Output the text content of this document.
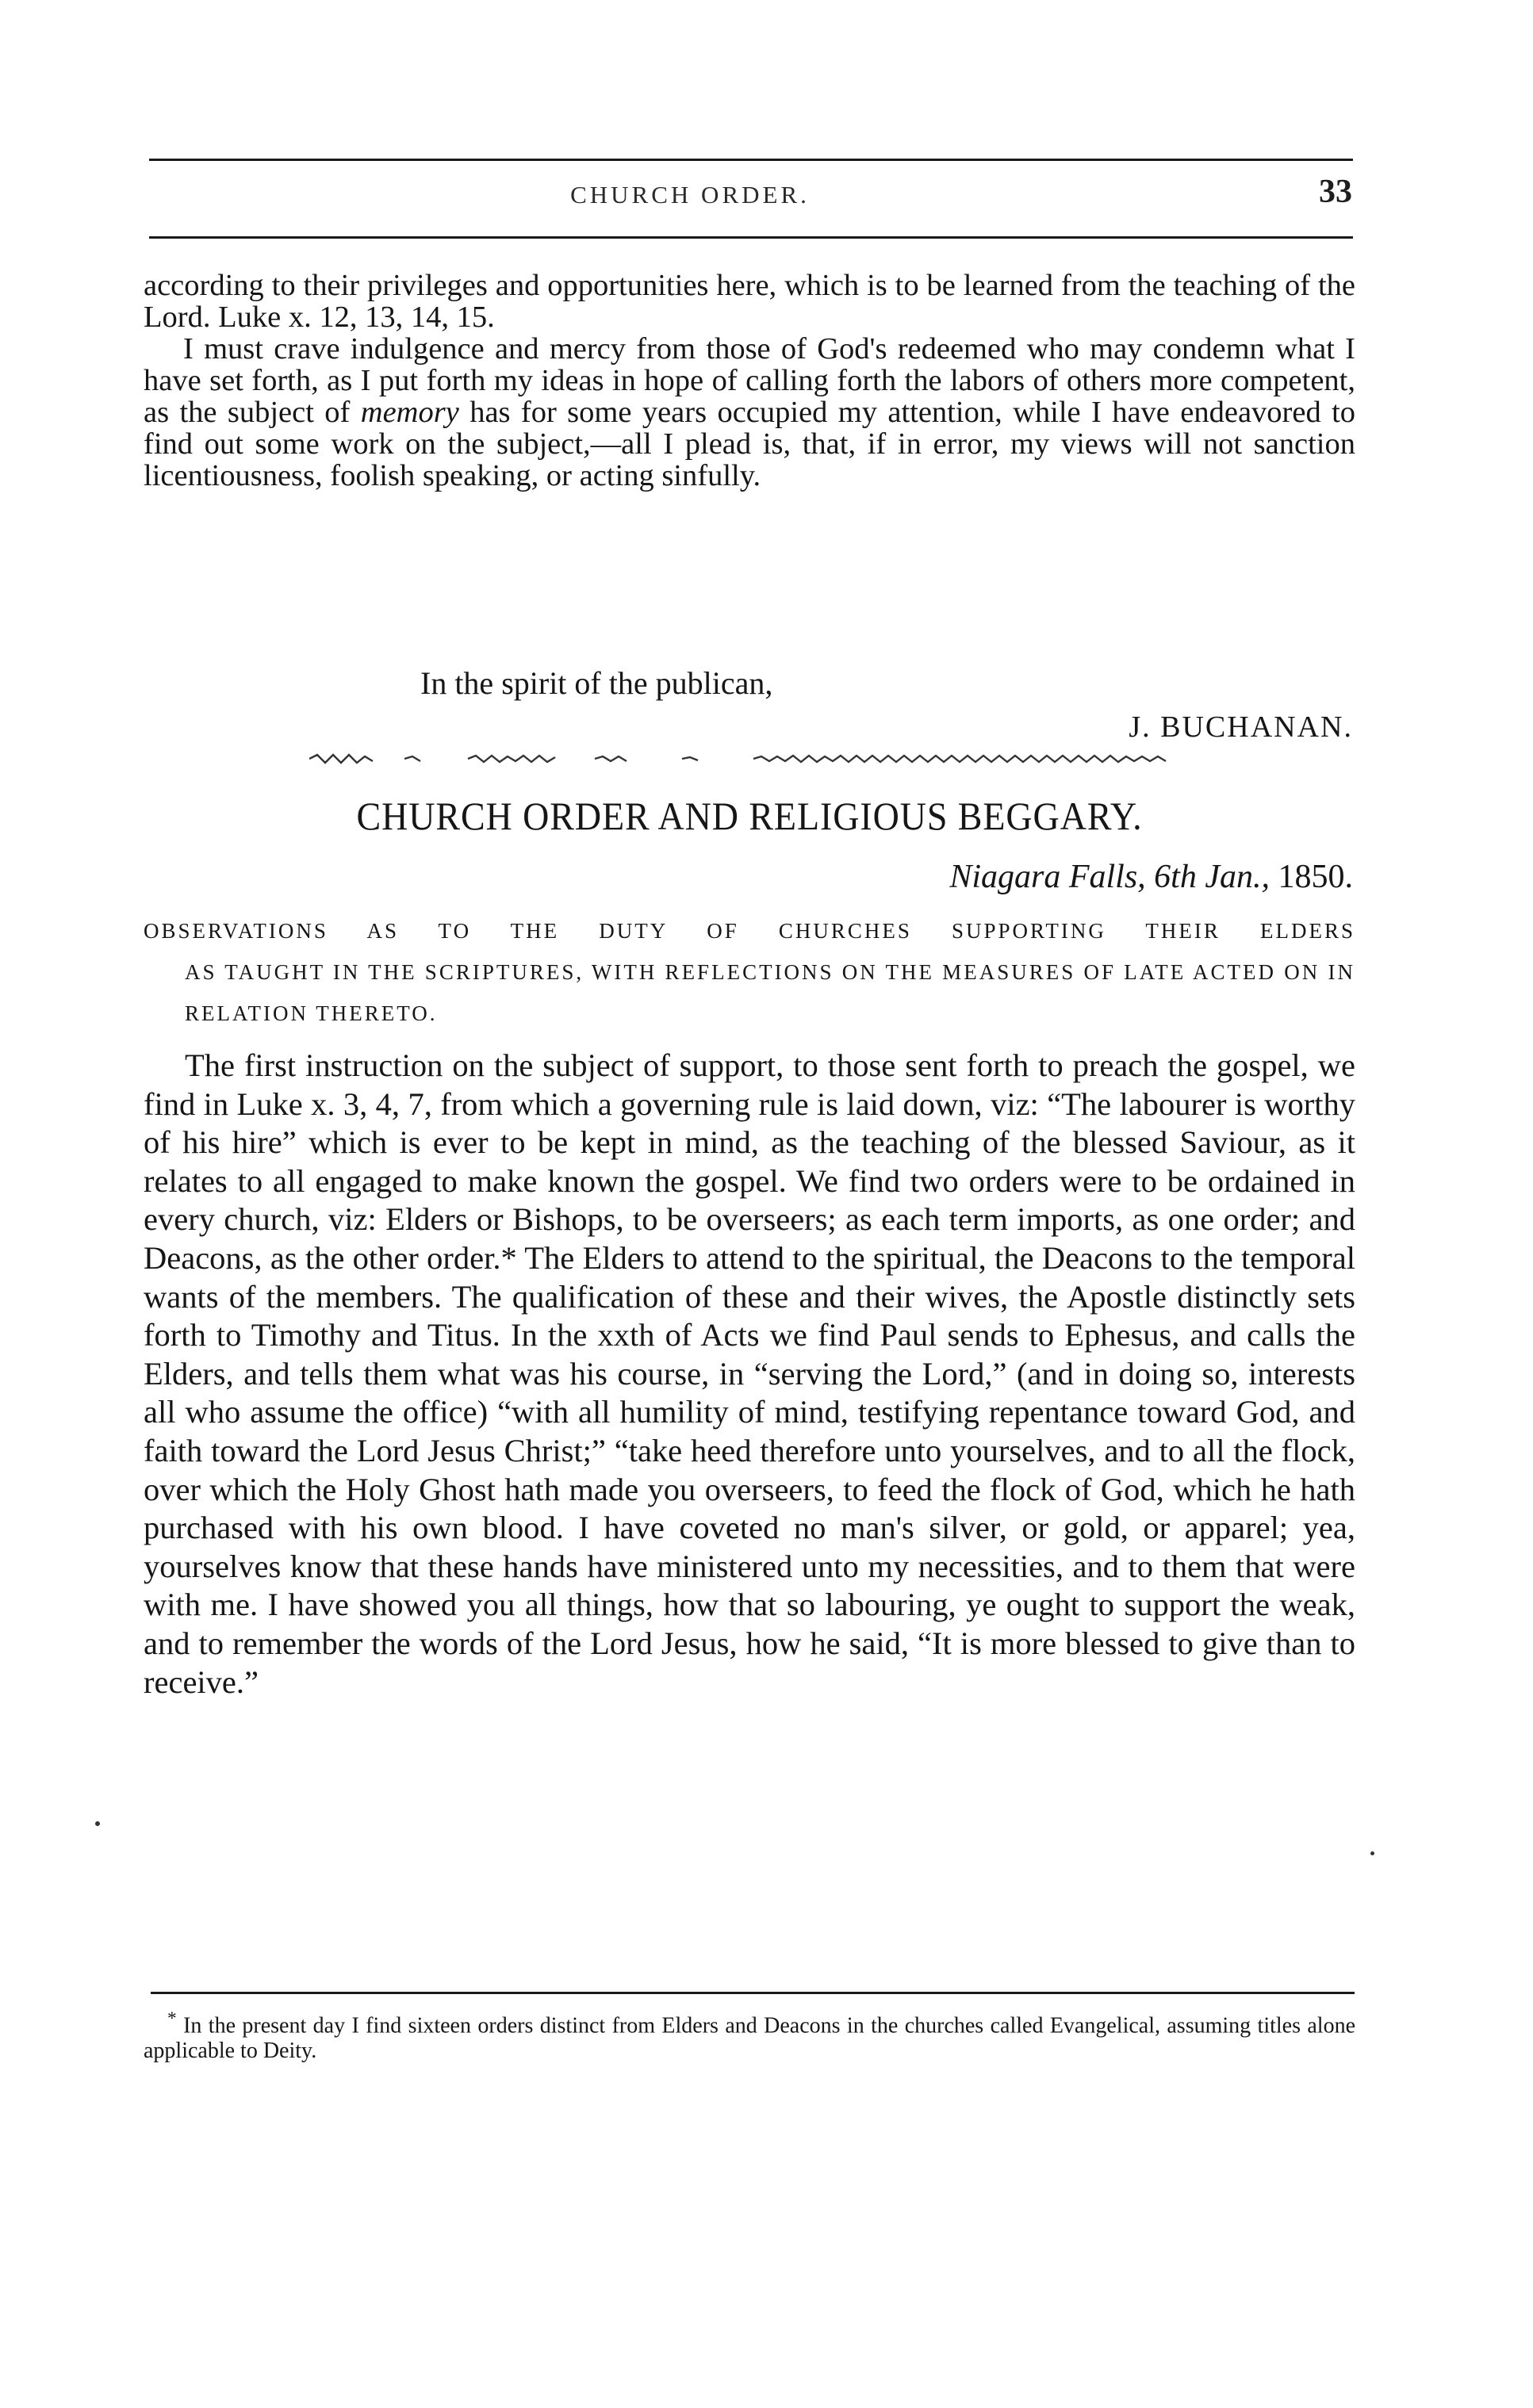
CHURCH ORDER.	33

according to their privileges and opportunities here, which is to be learned from the teaching of the Lord. Luke x. 12, 13, 14, 15.

I must crave indulgence and mercy from those of God's redeemed who may condemn what I have set forth, as I put forth my ideas in hope of calling forth the labors of others more competent, as the subject of memory has for some years occupied my attention, while I have endeavored to find out some work on the subject,—all I plead is, that, if in error, my views will not sanction licentiousness, foolish speaking, or acting sinfully.

In the spirit of the publican,
J. BUCHANAN.
CHURCH ORDER AND RELIGIOUS BEGGARY.
Niagara Falls, 6th Jan., 1850.
OBSERVATIONS AS TO THE DUTY OF CHURCHES SUPPORTING THEIR ELDERS
AS TAUGHT IN THE SCRIPTURES, WITH REFLECTIONS ON THE MEASURES OF LATE ACTED ON IN RELATION THERETO.

The first instruction on the subject of support, to those sent forth to preach the gospel, we find in Luke x. 3, 4, 7, from which a governing rule is laid down, viz: “The labourer is worthy of his hire” which is ever to be kept in mind, as the teaching of the blessed Saviour, as it relates to all engaged to make known the gospel. We find two orders were to be ordained in every church, viz: Elders or Bishops, to be overseers; as each term imports, as one order; and Deacons, as the other order.* The Elders to attend to the spiritual, the Deacons to the temporal wants of the members. The qualification of these and their wives, the Apostle distinctly sets forth to Timothy and Titus. In the xxth of Acts we find Paul sends to Ephesus, and calls the Elders, and tells them what was his course, in “serving the Lord,” (and in doing so, interests all who assume the office) “with all humility of mind, testifying repentance toward God, and faith toward the Lord Jesus Christ;” “take heed therefore unto yourselves, and to all the flock, over which the Holy Ghost hath made you overseers, to feed the flock of God, which he hath purchased with his own blood. I have coveted no man's silver, or gold, or apparel; yea, yourselves know that these hands have ministered unto my necessities, and to them that were with me. I have showed you all things, how that so labouring, ye ought to support the weak, and to remember the words of the Lord Jesus, how he said, “It is more blessed to give than to receive.”

* In the present day I find sixteen orders distinct from Elders and Deacons in the churches called Evangelical, assuming titles alone applicable to Deity.
